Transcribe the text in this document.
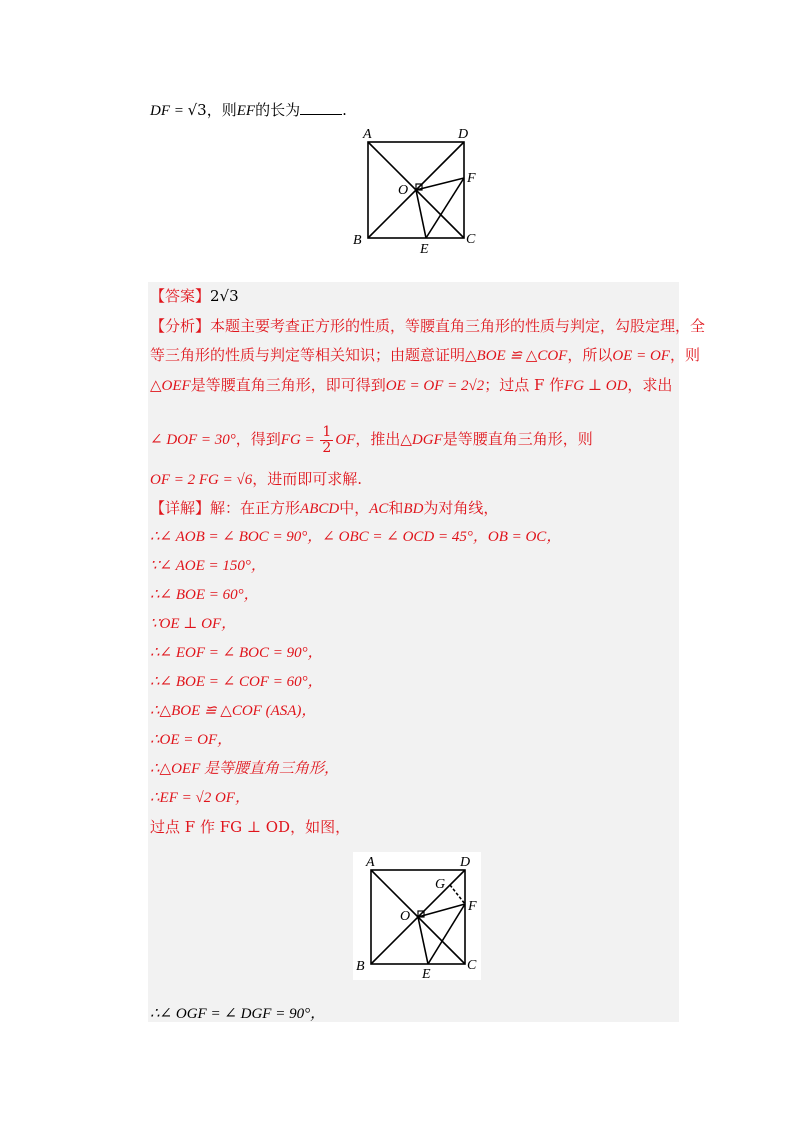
DF = √3，则EF的长为	.
A	D
O
F
B
E
C
【答案】2√3
【分析】本题主要考查正方形的性质，等腰直角三角形的性质与判定，勾股定理，全
等三角形的性质与判定等相关知识；由题意证明△BOE ≌ △COF，所以OE = OF，则
△OEF是等腰直角三角形，即可得到OE = OF = 2√2；过点 F 作FG ⊥ OD，求出
∠ DOF = 30°，得到FG = $\frac{1}{2}$ OF，推出△DGF是等腰直角三角形，则
OF = 2 FG = √6，进而即可求解.
【详解】解：在正方形ABCD中，AC和BD为对角线，
∴∠ AOB = ∠ BOC = 90°，∠ OBC = ∠ OCD = 45°，OB = OC，
∵∠ AOE = 150°，
∴∠ BOE = 60°，
∵OE ⊥ OF，
∴∠ EOF = ∠ BOC = 90°，
∴∠ BOE = ∠ COF = 60°，
∴△BOE ≌ △COF (ASA)，
∴OE = OF，
∴△OEF 是等腰直角三角形，
∴EF = √2 OF，
过点 F 作 FG ⊥ OD，如图，
A	D
G
O
F
B
E
C
∴∠ OGF = ∠ DGF = 90°，
